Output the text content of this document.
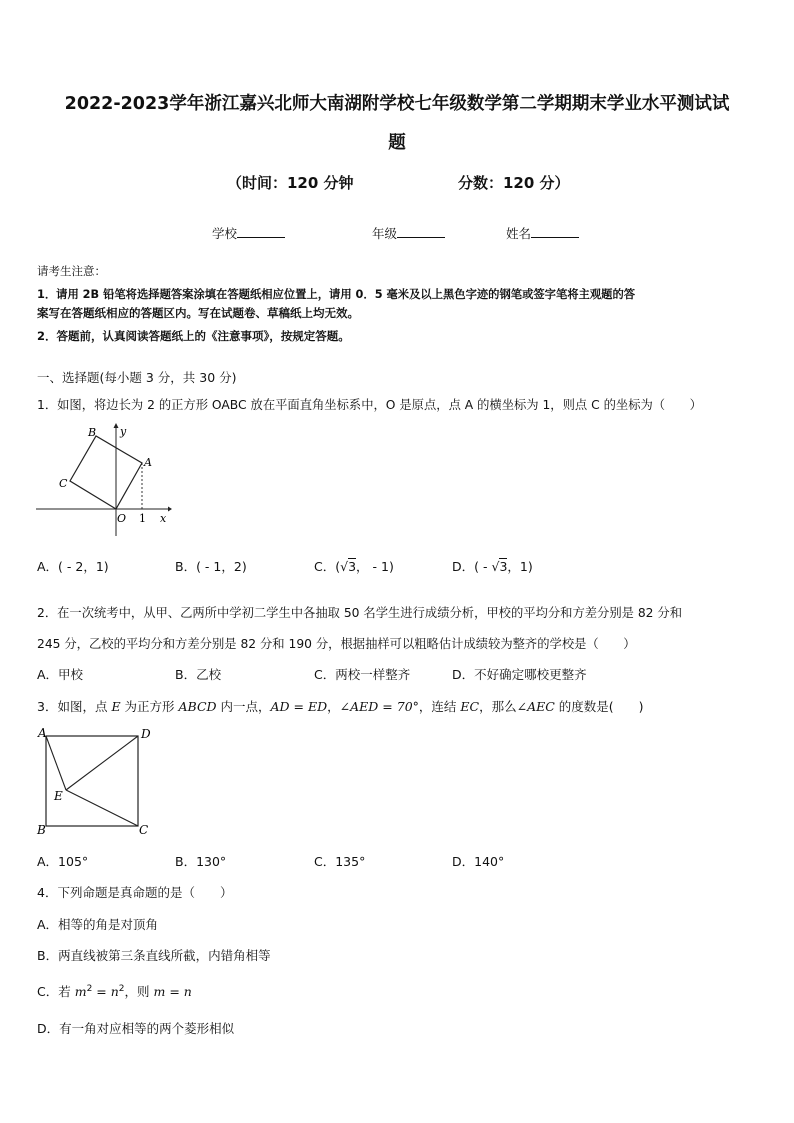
2022-2023学年浙江嘉兴北师大南湖附学校七年级数学第二学期期末学业水平测试试
题
（时间：120 分钟	分数：120 分）
学校	年级	姓名
请考生注意：
1．请用 2B 铅笔将选择题答案涂填在答题纸相应位置上，请用 0．5 毫米及以上黑色字迹的钢笔或签字笔将主观题的答
案写在答题纸相应的答题区内。写在试题卷、草稿纸上均无效。
2．答题前，认真阅读答题纸上的《注意事项》，按规定答题。
一、选择题(每小题 3 分，共 30 分)
1．如图，将边长为 2 的正方形 OABC 放在平面直角坐标系中，O 是原点，点 A 的横坐标为 1，则点 C 的坐标为（　　）
B y
A
C
O 1 x
A．( - 2，1)	B．( - 1，2)	C．(√3， - 1)	D．( - √3，1)
2．在一次统考中，从甲、乙两所中学初二学生中各抽取 50 名学生进行成绩分析，甲校的平均分和方差分别是 82 分和
245 分，乙校的平均分和方差分别是 82 分和 190 分，根据抽样可以粗略估计成绩较为整齐的学校是（　　）
A．甲校	B．乙校	C．两校一样整齐	D．不好确定哪校更整齐
3．如图，点 E 为正方形 ABCD 内一点，AD = ED，∠AED = 70°，连结 EC，那么∠AEC 的度数是(　　)
A	D
E
B	C
A．105°	B．130°	C．135°	D．140°
4．下列命题是真命题的是（　　）
A．相等的角是对顶角
B．两直线被第三条直线所截，内错角相等
C．若 $m^2 = n^2$，则 m = n
D．有一角对应相等的两个菱形相似
